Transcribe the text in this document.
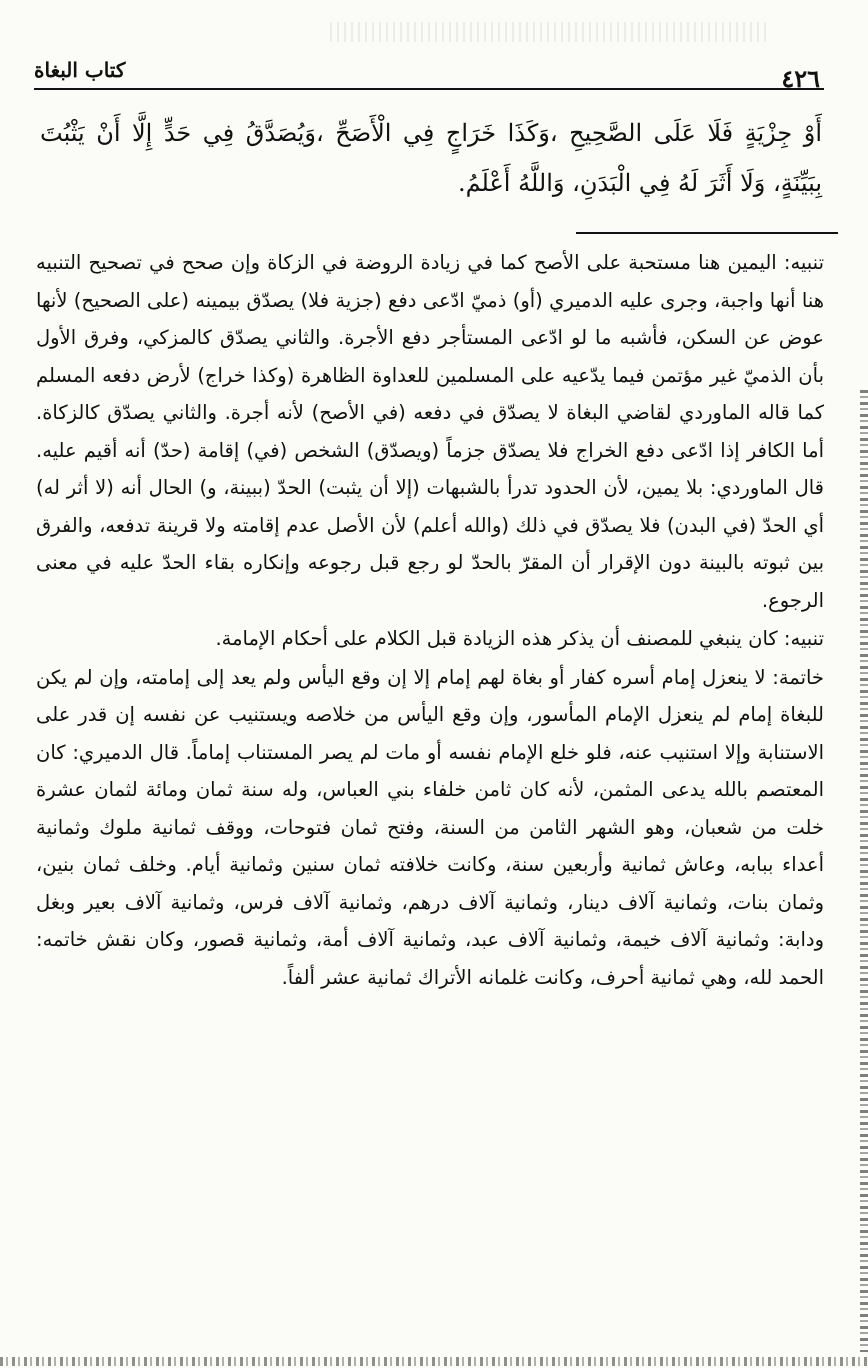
كتاب البغاة	٤٢٦

أَوْ جِزْيَةٍ فَلَا عَلَى الصَّحِيحِ ،وَكَذَا خَرَاجٍ فِي الْأَصَحِّ ،وَيُصَدَّقُ فِي حَدٍّ إِلَّا أَنْ يَثْبُتَ بِبَيِّنَةٍ، وَلَا أَثَرَ لَهُ فِي الْبَدَنِ، وَاللَّهُ أَعْلَمُ.

تنبيه: اليمين هنا مستحبة على الأصح كما في زيادة الروضة في الزكاة وإن صحح في تصحيح التنبيه هنا أنها واجبة، وجرى عليه الدميري (أو) ذميّ ادّعى دفع (جزية فلا) يصدّق بيمينه (على الصحيح) لأنها عوض عن السكن، فأشبه ما لو ادّعى المستأجر دفع الأجرة. والثاني يصدّق كالمزكي، وفرق الأول بأن الذميّ غير مؤتمن فيما يدّعيه على المسلمين للعداوة الظاهرة (وكذا خراج) لأرض دفعه المسلم كما قاله الماوردي لقاضي البغاة لا يصدّق في دفعه (في الأصح) لأنه أجرة. والثاني يصدّق كالزكاة. أما الكافر إذا ادّعى دفع الخراج فلا يصدّق جزماً (ويصدّق) الشخص (في) إقامة (حدّ) أنه أقيم عليه. قال الماوردي: بلا يمين، لأن الحدود تدرأ بالشبهات (إلا أن يثبت) الحدّ (ببينة، و) الحال أنه (لا أثر له) أي الحدّ (في البدن) فلا يصدّق في ذلك (والله أعلم) لأن الأصل عدم إقامته ولا قرينة تدفعه، والفرق بين ثبوته بالبينة دون الإقرار أن المقرّ بالحدّ لو رجع قبل رجوعه وإنكاره بقاء الحدّ عليه في معنى الرجوع.

تنبيه: كان ينبغي للمصنف أن يذكر هذه الزيادة قبل الكلام على أحكام الإمامة.

خاتمة: لا ينعزل إمام أسره كفار أو بغاة لهم إمام إلا إن وقع اليأس ولم يعد إلى إمامته، وإن لم يكن للبغاة إمام لم ينعزل الإمام المأسور، وإن وقع اليأس من خلاصه ويستنيب عن نفسه إن قدر على الاستنابة وإلا استنيب عنه، فلو خلع الإمام نفسه أو مات لم يصر المستناب إماماً. قال الدميري: كان المعتصم بالله يدعى المثمن، لأنه كان ثامن خلفاء بني العباس، وله سنة ثمان ومائة لثمان عشرة خلت من شعبان، وهو الشهر الثامن من السنة، وفتح ثمان فتوحات، ووقف ثمانية ملوك وثمانية أعداء ببابه، وعاش ثمانية وأربعين سنة، وكانت خلافته ثمان سنين وثمانية أيام. وخلف ثمان بنين، وثمان بنات، وثمانية آلاف دينار، وثمانية آلاف درهم، وثمانية آلاف فرس، وثمانية آلاف بعير وبغل ودابة: وثمانية آلاف خيمة، وثمانية آلاف عبد، وثمانية آلاف أمة، وثمانية قصور، وكان نقش خاتمه: الحمد لله، وهي ثمانية أحرف، وكانت غلمانه الأتراك ثمانية عشر ألفاً.
